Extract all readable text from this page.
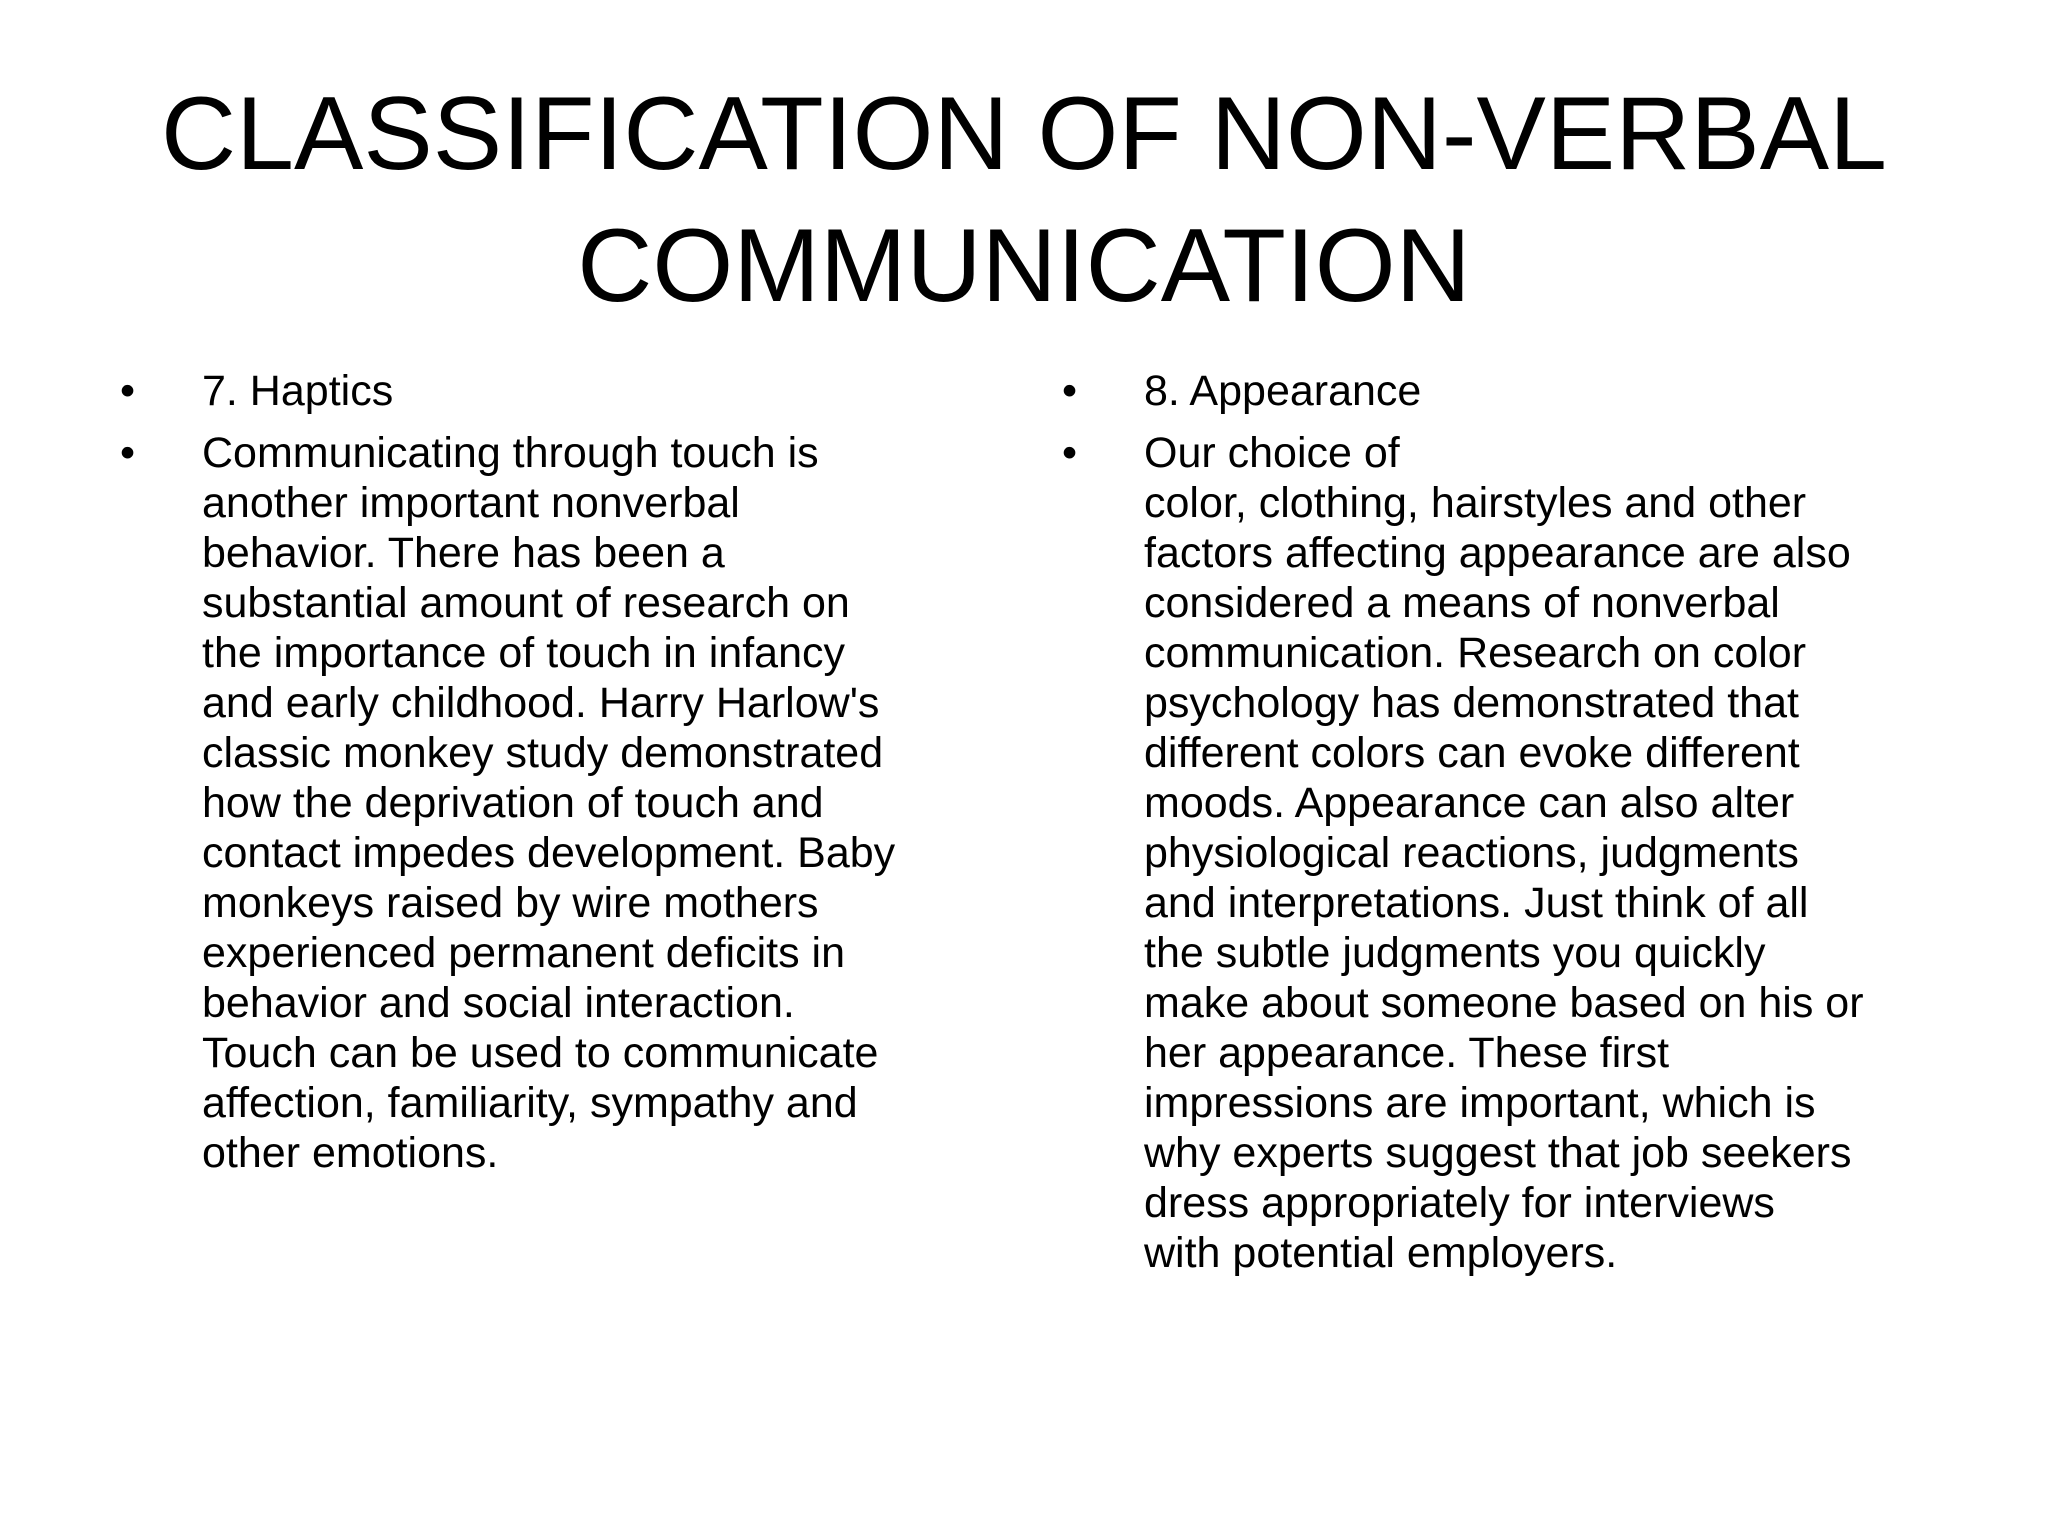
CLASSIFICATION OF NON-VERBAL
COMMUNICATION
•	7. Haptics
•	Communicating through touch is
another important nonverbal
behavior. There has been a
substantial amount of research on
the importance of touch in infancy
and early childhood. Harry Harlow's
classic monkey study demonstrated
how the deprivation of touch and
contact impedes development. Baby
monkeys raised by wire mothers
experienced permanent deficits in
behavior and social interaction.
Touch can be used to communicate
affection, familiarity, sympathy and
other emotions.
•	8. Appearance
•	Our choice of
color, clothing, hairstyles and other
factors affecting appearance are also
considered a means of nonverbal
communication. Research on color
psychology has demonstrated that
different colors can evoke different
moods. Appearance can also alter
physiological reactions, judgments
and interpretations. Just think of all
the subtle judgments you quickly
make about someone based on his or
her appearance. These first
impressions are important, which is
why experts suggest that job seekers
dress appropriately for interviews
with potential employers.
